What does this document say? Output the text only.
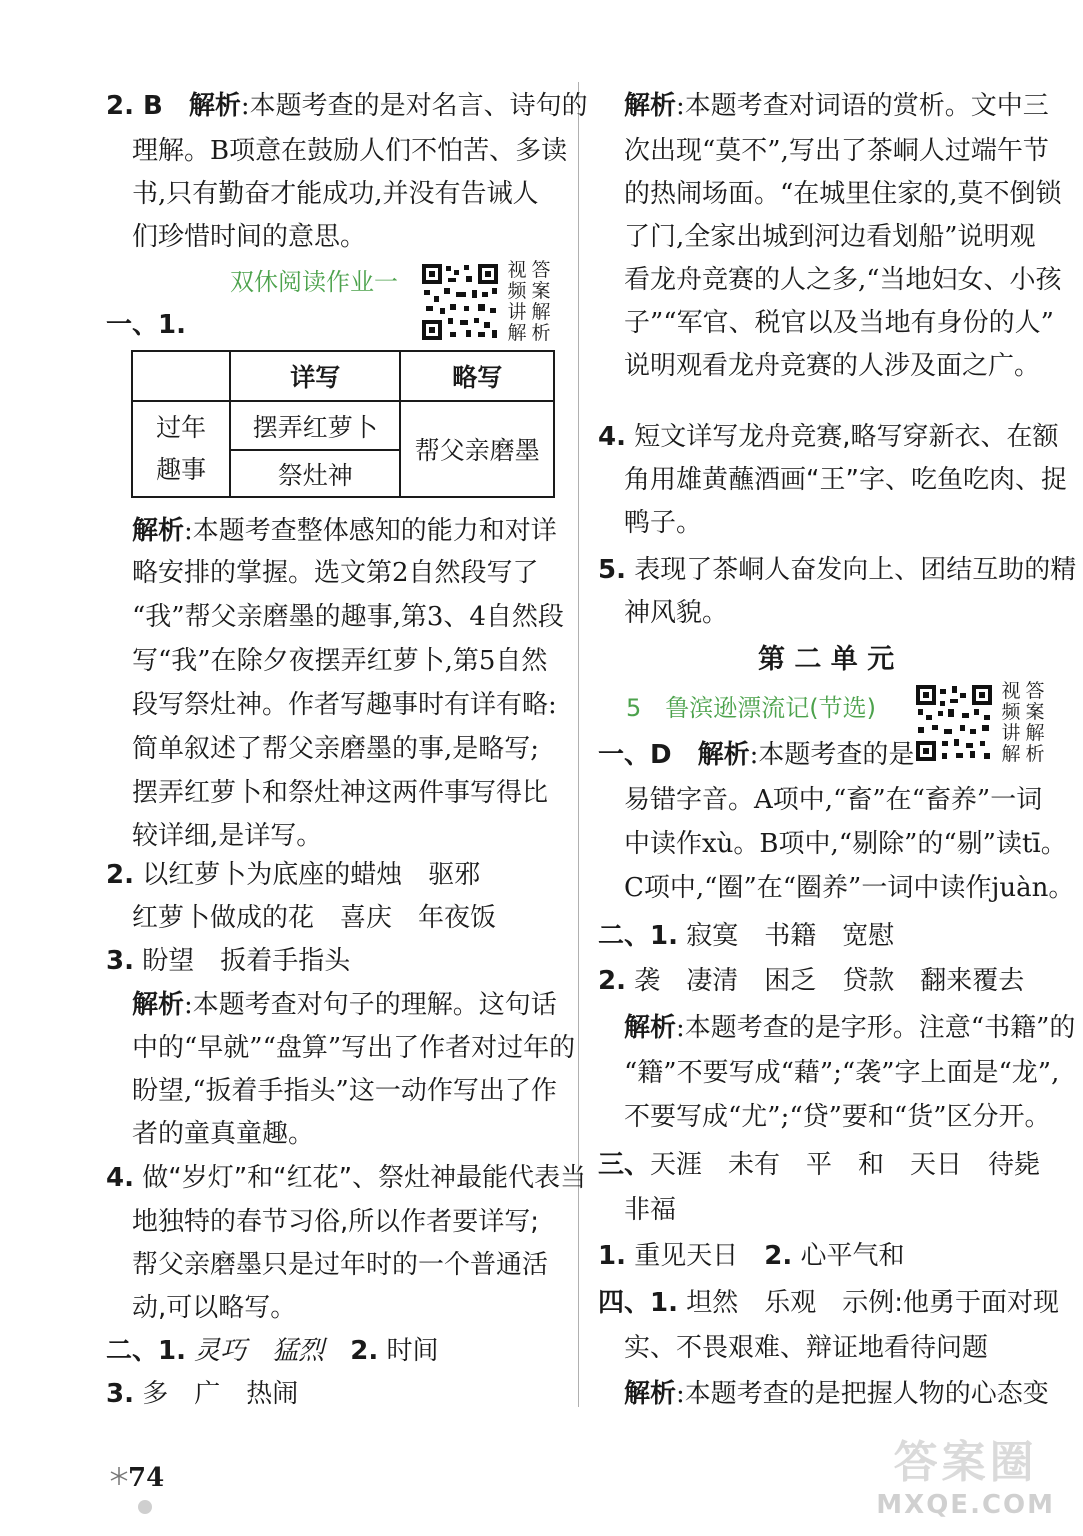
2. B　 解析:本题考查的是对名言、诗句的
理解。B项意在鼓励人们不怕苦、多读
书,只有勤奋才能成功,并没有告诫人
们珍惜时间的意思。
双休阅读作业一
一、1.
视 答
频 案
讲 解
解 析
	详写	略写

过年
趣事	摆弄红萝卜	帮父亲磨墨
	祭灶神	
解析:本题考查整体感知的能力和对详
略安排的掌握。选文第2自然段写了
“我”帮父亲磨墨的趣事,第3、4自然段
写“我”在除夕夜摆弄红萝卜,第5自然
段写祭灶神。作者写趣事时有详有略:
简单叙述了帮父亲磨墨的事,是略写;
摆弄红萝卜和祭灶神这两件事写得比
较详细,是详写。
2. 以红萝卜为底座的蜡烛　驱邪
红萝卜做成的花　喜庆　年夜饭
3. 盼望　扳着手指头
解析:本题考查对句子的理解。这句话
中的“早就”“盘算”写出了作者对过年的
盼望,“扳着手指头”这一动作写出了作
者的童真童趣。
4. 做“岁灯”和“红花”、祭灶神最能代表当
地独特的春节习俗,所以作者要详写;
帮父亲磨墨只是过年时的一个普通活
动,可以略写。
二、1. 灵巧　猛烈　 2. 时间
3. 多　广　热闹
解析:本题考查对词语的赏析。文中三
次出现“莫不”,写出了茶峒人过端午节
的热闹场面。“在城里住家的,莫不倒锁
了门,全家出城到河边看划船”说明观
看龙舟竞赛的人之多,“当地妇女、小孩
子”“军官、税官以及当地有身份的人”
说明观看龙舟竞赛的人涉及面之广。
4. 短文详写龙舟竞赛,略写穿新衣、在额
角用雄黄蘸酒画“王”字、吃鱼吃肉、捉
鸭子。
5. 表现了茶峒人奋发向上、团结互助的精
神风貌。
第 二 单 元
5　鲁滨逊漂流记(节选)
视 答
频 案
讲 解
解 析
一、D　 解析:本题考查的是
易错字音。A项中,“畜”在“畜养”一词
中读作xù。B项中,“剔除”的“剔”读tī。
C项中,“圈”在“圈养”一词中读作juàn。
二、1. 寂寞　书籍　宽慰
2. 袭　凄清　困乏　贷款　翻来覆去
解析:本题考查的是字形。注意“书籍”的
“籍”不要写成“藉”;“袭”字上面是“龙”,
不要写成“尤”;“贷”要和“货”区分开。
三、天涯　未有　平　和　天日　待毙
非福
1. 重见天日　 2. 心平气和
四、1. 坦然　乐观　示例:他勇于面对现
实、不畏艰难、辩证地看待问题
解析:本题考查的是把握人物的心态变
74	答案圈
MXQE.COM
